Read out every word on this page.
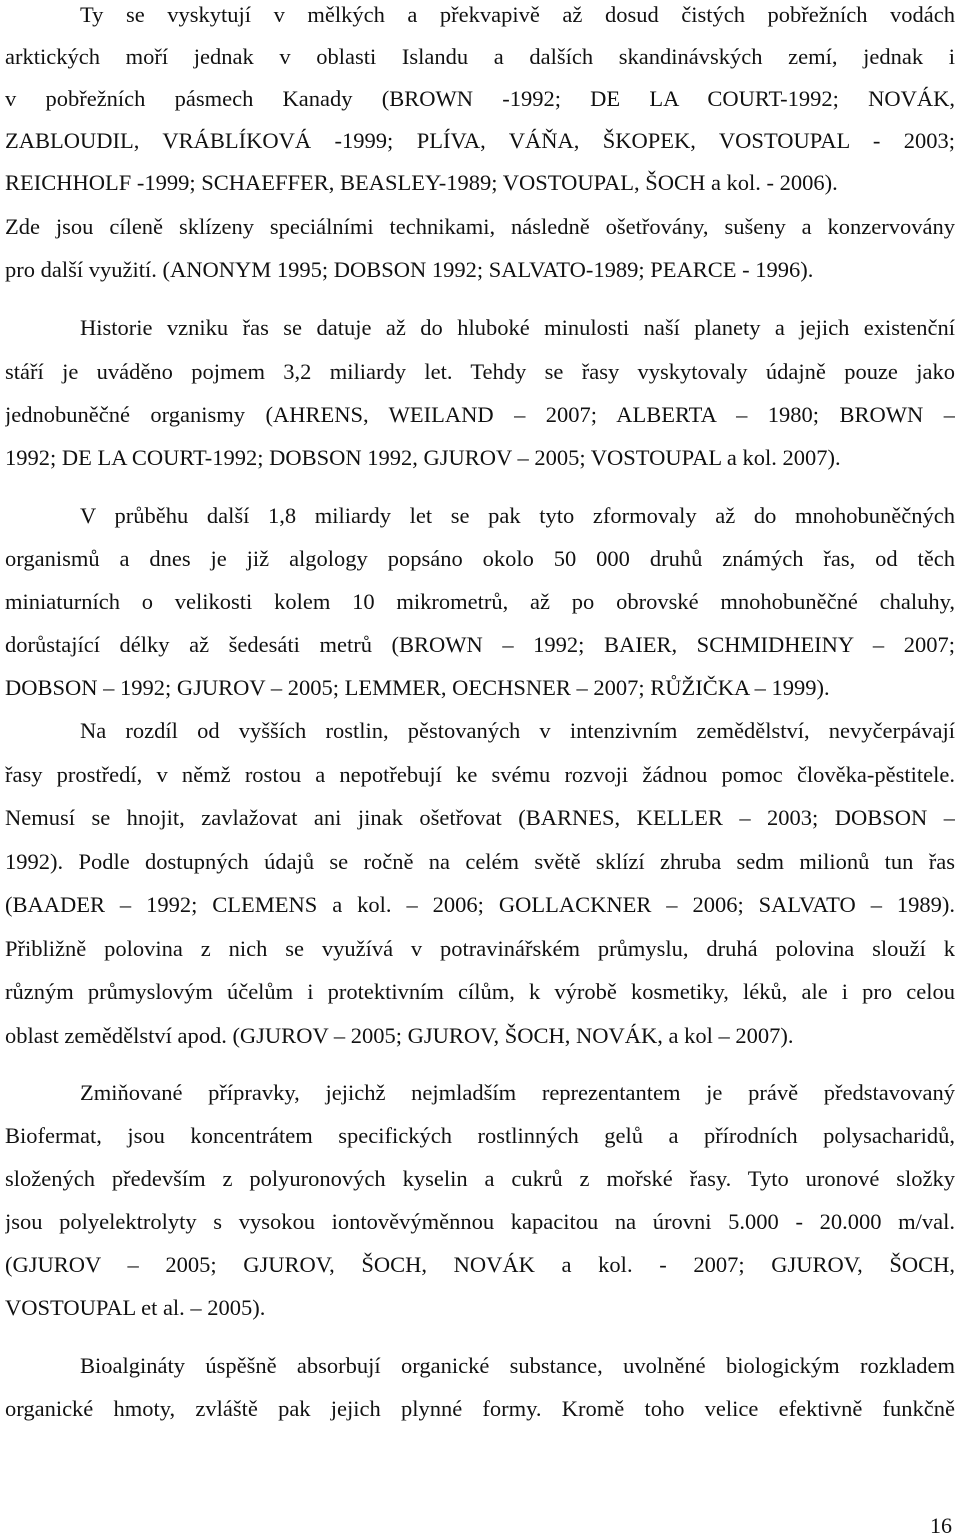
Ty se vyskytují v mělkých a překvapivě až dosud čistých pobřežních vodách

arktických moří jednak v oblasti Islandu a dalších skandinávských zemí, jednak i

v pobřežních pásmech Kanady (BROWN -1992; DE LA COURT-1992; NOVÁK,

ZABLOUDIL, VRÁBLÍKOVÁ -1999; PLÍVA, VÁŇA, ŠKOPEK, VOSTOUPAL - 2003;

REICHHOLF -1999; SCHAEFFER, BEASLEY-1989; VOSTOUPAL, ŠOCH a kol. - 2006).

Zde jsou cíleně sklízeny speciálními technikami, následně ošetřovány, sušeny a konzervovány

pro další využití. (ANONYM 1995; DOBSON 1992; SALVATO-1989; PEARCE - 1996).

Historie vzniku řas se datuje až do hluboké minulosti naší planety a jejich existenční

stáří je uváděno pojmem 3,2 miliardy let. Tehdy se řasy vyskytovaly údajně pouze jako

jednobuněčné organismy (AHRENS, WEILAND – 2007; ALBERTA – 1980; BROWN –

1992; DE LA COURT-1992; DOBSON 1992, GJUROV – 2005; VOSTOUPAL a kol. 2007).

V průběhu další 1,8 miliardy let se pak tyto zformovaly až do mnohobuněčných

organismů a dnes je již algology popsáno okolo 50 000 druhů známých řas, od těch

miniaturních o velikosti kolem 10 mikrometrů, až po obrovské mnohobuněčné chaluhy,

dorůstající délky až šedesáti metrů (BROWN – 1992; BAIER, SCHMIDHEINY – 2007;

DOBSON – 1992; GJUROV – 2005; LEMMER, OECHSNER – 2007; RŮŽIČKA – 1999).

Na rozdíl od vyšších rostlin, pěstovaných v intenzivním zemědělství, nevyčerpávají

řasy prostředí, v němž rostou a nepotřebují ke svému rozvoji žádnou pomoc člověka-pěstitele.

Nemusí se hnojit, zavlažovat ani jinak ošetřovat (BARNES, KELLER – 2003; DOBSON –

1992). Podle dostupných údajů se ročně na celém světě sklízí zhruba sedm milionů tun řas

(BAADER – 1992; CLEMENS a kol. – 2006; GOLLACKNER – 2006; SALVATO – 1989).

Přibližně polovina z nich se využívá v potravinářském průmyslu, druhá polovina slouží k

různým průmyslovým účelům i protektivním cílům, k výrobě kosmetiky, léků, ale i pro celou

oblast zemědělství apod. (GJUROV – 2005; GJUROV, ŠOCH, NOVÁK, a kol – 2007).

Zmiňované přípravky, jejichž nejmladším reprezentantem je právě představovaný

Biofermat, jsou koncentrátem specifických rostlinných gelů a přírodních polysacharidů,

složených především z polyuronových kyselin a cukrů z mořské řasy. Tyto uronové složky

jsou polyelektrolyty s vysokou iontověvýměnnou kapacitou na úrovni 5.000 - 20.000 m/val.

(GJUROV – 2005; GJUROV, ŠOCH, NOVÁK a kol. - 2007; GJUROV, ŠOCH,

VOSTOUPAL et al. – 2005).

Bioalgináty úspěšně absorbují organické substance, uvolněné biologickým rozkladem

organické hmoty, zvláště pak jejich plynné formy. Kromě toho velice efektivně funkčně

16
